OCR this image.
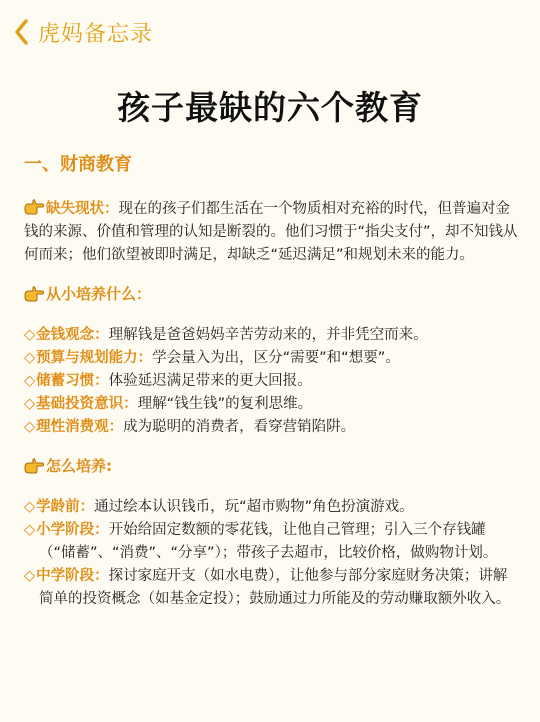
虎妈备忘录
孩子最缺的六个教育
一、财商教育
缺失现状：现在的孩子们都生活在一个物质相对充裕的时代，但普遍对金钱的来源、价值和管理的认知是断裂的。他们习惯于“指尖支付”，却不知钱从何而来；他们欲望被即时满足，却缺乏“延迟满足”和规划未来的能力。
从小培养什么：
◇金钱观念：理解钱是爸爸妈妈辛苦劳动来的，并非凭空而来。
◇预算与规划能力：学会量入为出，区分“需要”和“想要”。
◇储蓄习惯：体验延迟满足带来的更大回报。
◇基础投资意识：理解“钱生钱”的复利思维。
◇理性消费观：成为聪明的消费者，看穿营销陷阱。
怎么培养:
◇学龄前：通过绘本认识钱币，玩“超市购物”角色扮演游戏。
◇小学阶段：开始给固定数额的零花钱，让他自己管理；引入三个存钱罐（“储蓄”、“消费”、“分享”）；带孩子去超市，比较价格，做购物计划。
◇中学阶段：探讨家庭开支（如水电费），让他参与部分家庭财务决策；讲解简单的投资概念（如基金定投）；鼓励通过力所能及的劳动赚取额外收入。
